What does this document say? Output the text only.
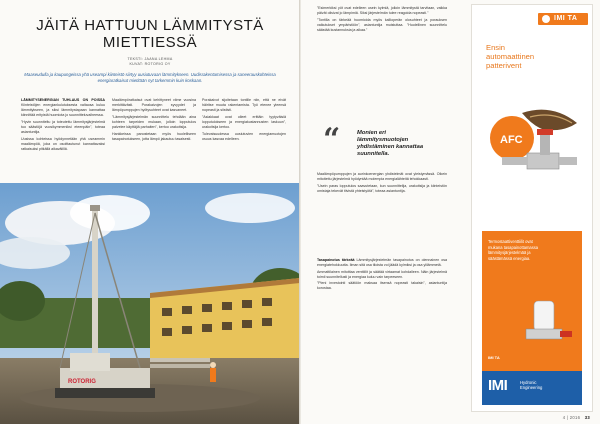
JÄITÄ HATTUUN LÄMMITYSTÄ
MIETTIESSÄ
TEKSTI: JAANA LEHMA
KUVAT: ROTORIG OY
Maaseudulla ja kaupungeissa yhä useampi kiinteistö siirtyy uusiutuvaan lämmitykseen. Uudisrakentamisessa ja saneerauskohteissa energiaratkaisut mietitään nyt tarkemmin kuin koskaan.

LÄMMITYSENERGIAN TUHLAUS ON POISSA Kiinteistöjen energiankulutuksesta valtaosa kuluu lämmitykseen, ja siksi lämmitystapaan kannattaa kiinnittää erityistä huomiota jo suunnitteluvaiheessa.

"Hyvin suunniteltu ja toteutettu lämmitysjärjestelmä tuo säästöjä vuosikymmeniksi eteenpäin", toteaa asiantuntija.

Uusissa kohteissa hyödynnetään yhä useammin maalämpöä, joka on osoittautunut kannattavaksi ratkaisuksi pitkällä aikavälillä.

Maalämpöratkaisut ovat kehittyneet viime vuosina merkittävästi. Porakaivojen syvyydet ja lämpöpumppujen hyötysuhteet ovat kasvaneet.

"Lämmitysjärjestelmän suunnittelu tehdään aina kohteen tarpeiden mukaan, jolloin lopputulos palvelee käyttäjiä parhaiten", kertoo urakoitsija.

Hankkeissa panostetaan myös huolelliseen tasapainotukseen, jotta lämpö jakautuu tasaisesti.

Porakaivot sijoitetaan tontille niin, että ne eivät häiritse muuta rakentamista. Työ etenee yleensä nopeasti ja siististi.

"Asiakkaat ovat olleet erittäin tyytyväisiä lopputulokseen ja energiakustannusten laskuun", urakoitsija kertoo.

Tulevaisuudessa uusiutuvien energiamuotojen osuus kasvaa edelleen.

ROTORIG

"Esimerkiksi yöt ovat edelleen usein kylmiä, jolloin lämmitystä tarvitaan, vaikka päivät olisivat jo lämpimiä. Siksi järjestelmän tulee reagoida nopeasti."

"Tontilla on tärkeää huomioida myös kallioperän olosuhteet ja porauksen vaikutukset ympäristöön", asiantuntija muistuttaa. "Huolellinen suunnittelu säästää kustannuksia ja aikaa."

“	Monien eri
lämmitysmuotojen
yhdistäminen kannattaa
suunnitella.

Maalämpöpumppujen ja aurinkoenergian yhdistelmät ovat yleistymässä. Oikein mitoitettu järjestelmä hyödyntää molempia energialähteitä tehokkaasti.

"Usein paras lopputulos saavutetaan, kun suunnittelija, urakoitsija ja kiinteistön omistaja tekevät tiivistä yhteistyötä", toteaa asiantuntija.

Tasapainotus tärkeää Lämmitysjärjestelmän tasapainotus on olennainen osa energiatehokkuutta. Ilman sitä osa tiloista voi jäädä kylmiksi ja osa ylilämmetä.

Ammattilainen mitoittaa venttiilit ja säätää virtaamat kohdalleen. Näin järjestelmä toimii suunnitellusti ja energiaa kuluu vain tarpeeseen.

"Pieni investointi säätöön maksaa itsensä nopeasti takaisin", asiantuntija korostaa.

IMI TA
Ensin
automaattinen
patterivent
AFC
Termostaattiventtiilit ovat
mukana tasapainottamassa
lämmitysjärjestelmää ja
säästämässä energiaa.
IMI TA
IMI	Hydronic
Engineering
4 | 2016 33
